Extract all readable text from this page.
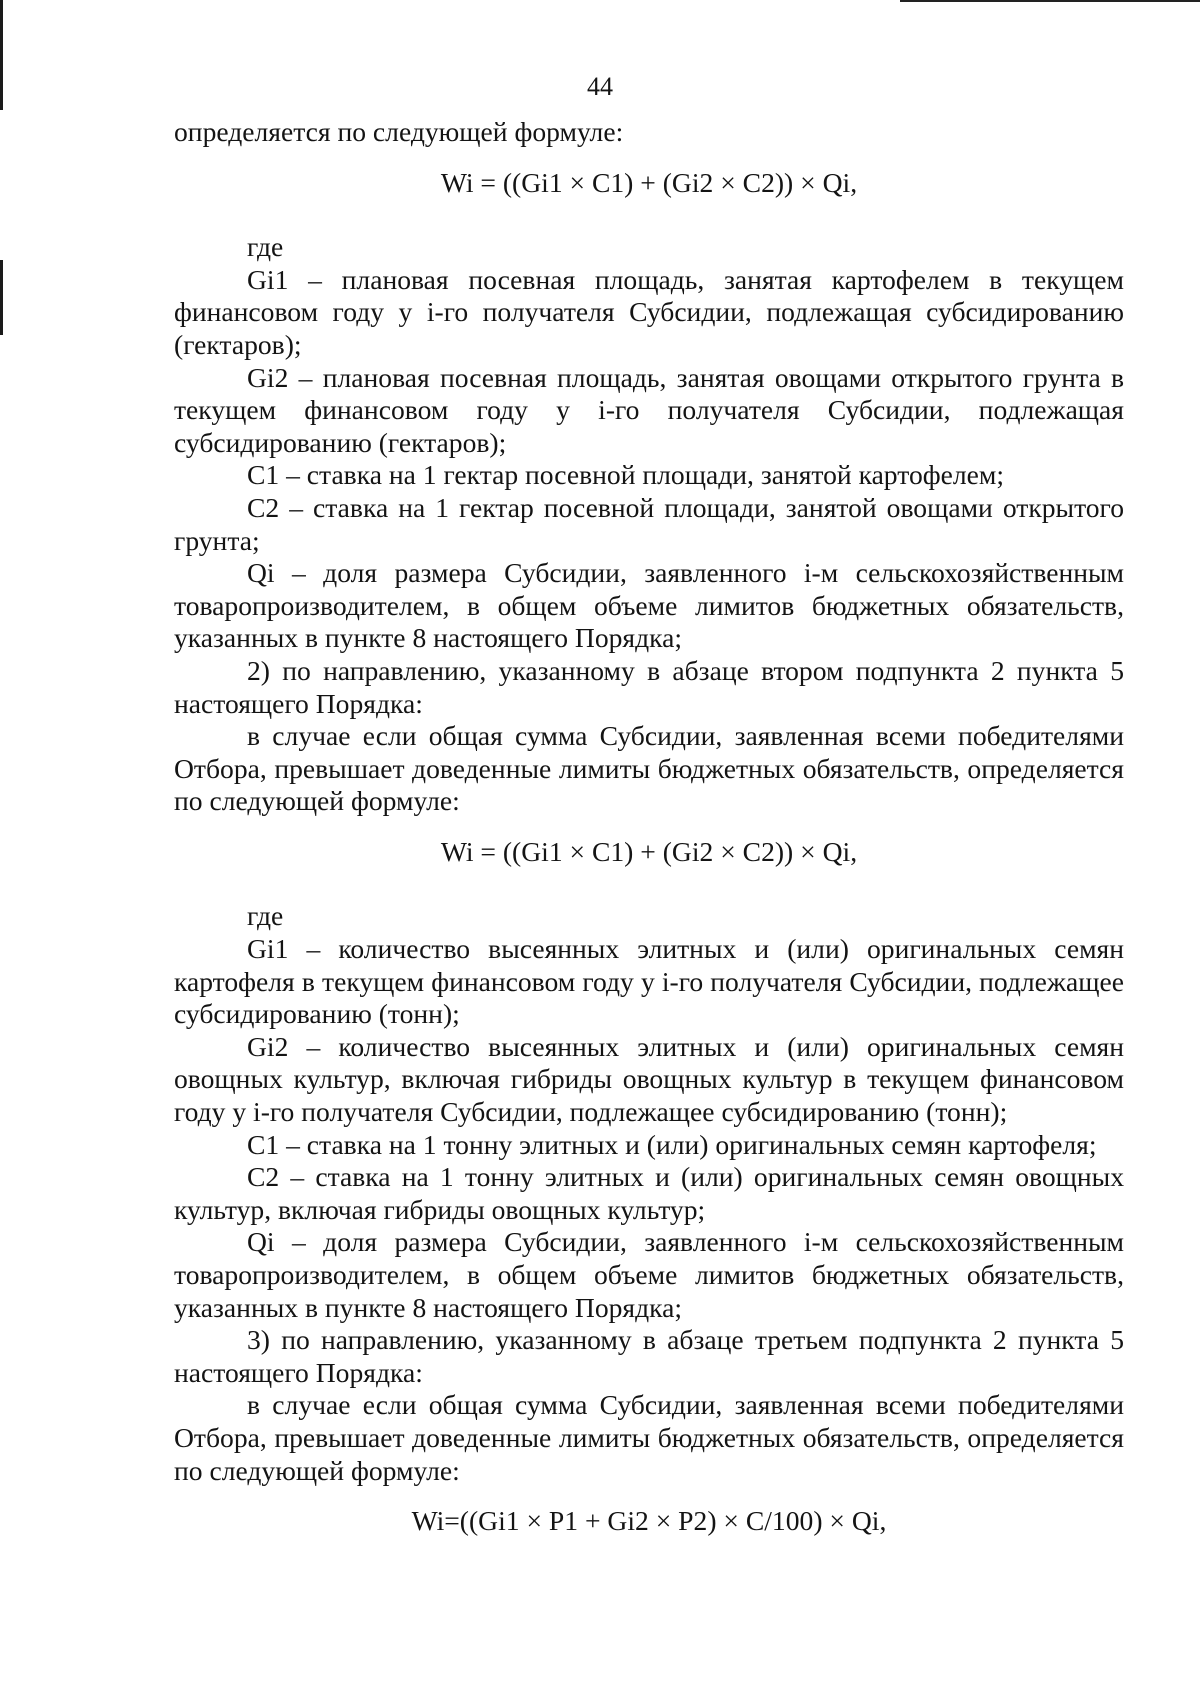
44

определяется по следующей формуле:

Wi = ((Gi1 × C1) + (Gi2 × C2)) × Qi,

где

Gi1 – плановая посевная площадь, занятая картофелем в текущем финансовом году у i-го получателя Субсидии, подлежащая субсидированию (гектаров);

Gi2 – плановая посевная площадь, занятая овощами открытого грунта в текущем финансовом году у i-го получателя Субсидии, подлежащая субсидированию (гектаров);

С1 – ставка на 1 гектар посевной площади, занятой картофелем;

С2 – ставка на 1 гектар посевной площади, занятой овощами открытого грунта;

Qi – доля размера Субсидии, заявленного i-м сельскохозяйственным товаропроизводителем, в общем объеме лимитов бюджетных обязательств, указанных в пункте 8 настоящего Порядка;

2) по направлению, указанному в абзаце втором подпункта 2 пункта 5 настоящего Порядка:

в случае если общая сумма Субсидии, заявленная всеми победителями Отбора, превышает доведенные лимиты бюджетных обязательств, определяется по следующей формуле:

Wi = ((Gi1 × C1) + (Gi2 × C2)) × Qi,

где

Gi1 – количество высеянных элитных и (или) оригинальных семян картофеля в текущем финансовом году у i-го получателя Субсидии, подлежащее субсидированию (тонн);

Gi2 – количество высеянных элитных и (или) оригинальных семян овощных культур, включая гибриды овощных культур в текущем финансовом году у i-го получателя Субсидии, подлежащее субсидированию (тонн);

С1 – ставка на 1 тонну элитных и (или) оригинальных семян картофеля;

С2 – ставка на 1 тонну элитных и (или) оригинальных семян овощных культур, включая гибриды овощных культур;

Qi – доля размера Субсидии, заявленного i-м сельскохозяйственным товаропроизводителем, в общем объеме лимитов бюджетных обязательств, указанных в пункте 8 настоящего Порядка;

3) по направлению, указанному в абзаце третьем подпункта 2 пункта 5 настоящего Порядка:

в случае если общая сумма Субсидии, заявленная всеми победителями Отбора, превышает доведенные лимиты бюджетных обязательств, определяется по следующей формуле:

Wi=((Gi1 × P1 + Gi2 × P2) × C/100) × Qi,
